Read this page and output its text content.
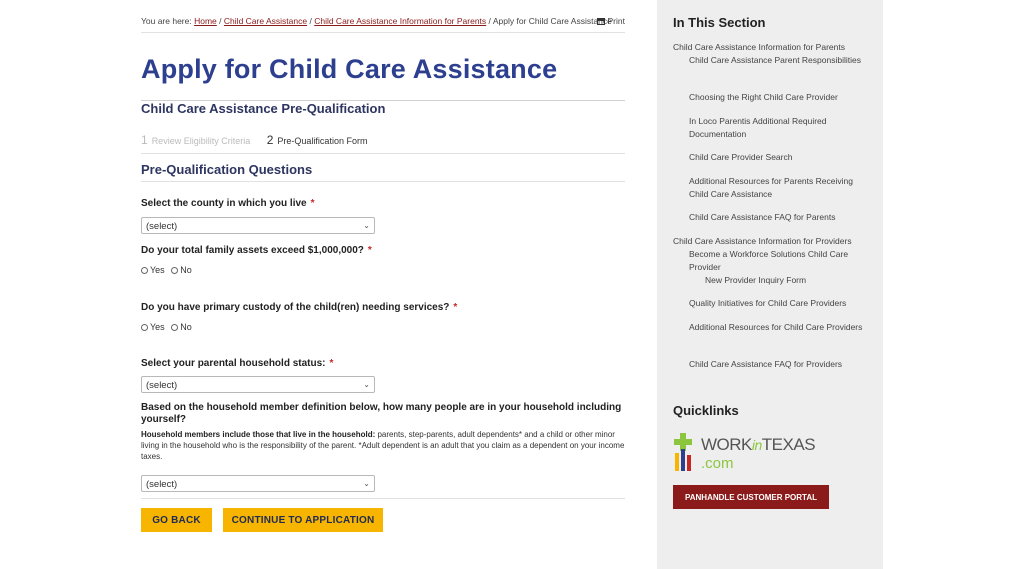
You are here: Home / Child Care Assistance / Child Care Assistance Information for Parents / Apply for Child Care Assistance
Print
Apply for Child Care Assistance
Child Care Assistance Pre-Qualification
1 Review Eligibility Criteria 2 Pre-Qualification Form
Pre-Qualification Questions
Select the county in which you live *
(select)	⌄
Do your total family assets exceed $1,000,000? *
Yes No
Do you have primary custody of the child(ren) needing services? *
Yes No
Select your parental household status: *
(select)	⌄
Based on the household member definition below, how many people are in your household including yourself?
Household members include those that live in the household: parents, step-parents, adult dependents* and a child or other minor living in the household who is the responsibility of the parent. *Adult dependent is an adult that you claim as a dependent on your income taxes.
(select)	⌄
GO BACK	CONTINUE TO APPLICATION
In This Section
Child Care Assistance Information for Parents
Child Care Assistance Parent Responsibilities
Choosing the Right Child Care Provider
In Loco Parentis Additional Required Documentation
Child Care Provider Search
Additional Resources for Parents Receiving Child Care Assistance
Child Care Assistance FAQ for Parents
Child Care Assistance Information for Providers
Become a Workforce Solutions Child Care Provider
New Provider Inquiry Form
Quality Initiatives for Child Care Providers
Additional Resources for Child Care Providers
Child Care Assistance FAQ for Providers
Quicklinks
WORKinTEXAS
.com
PANHANDLE CUSTOMER PORTAL
